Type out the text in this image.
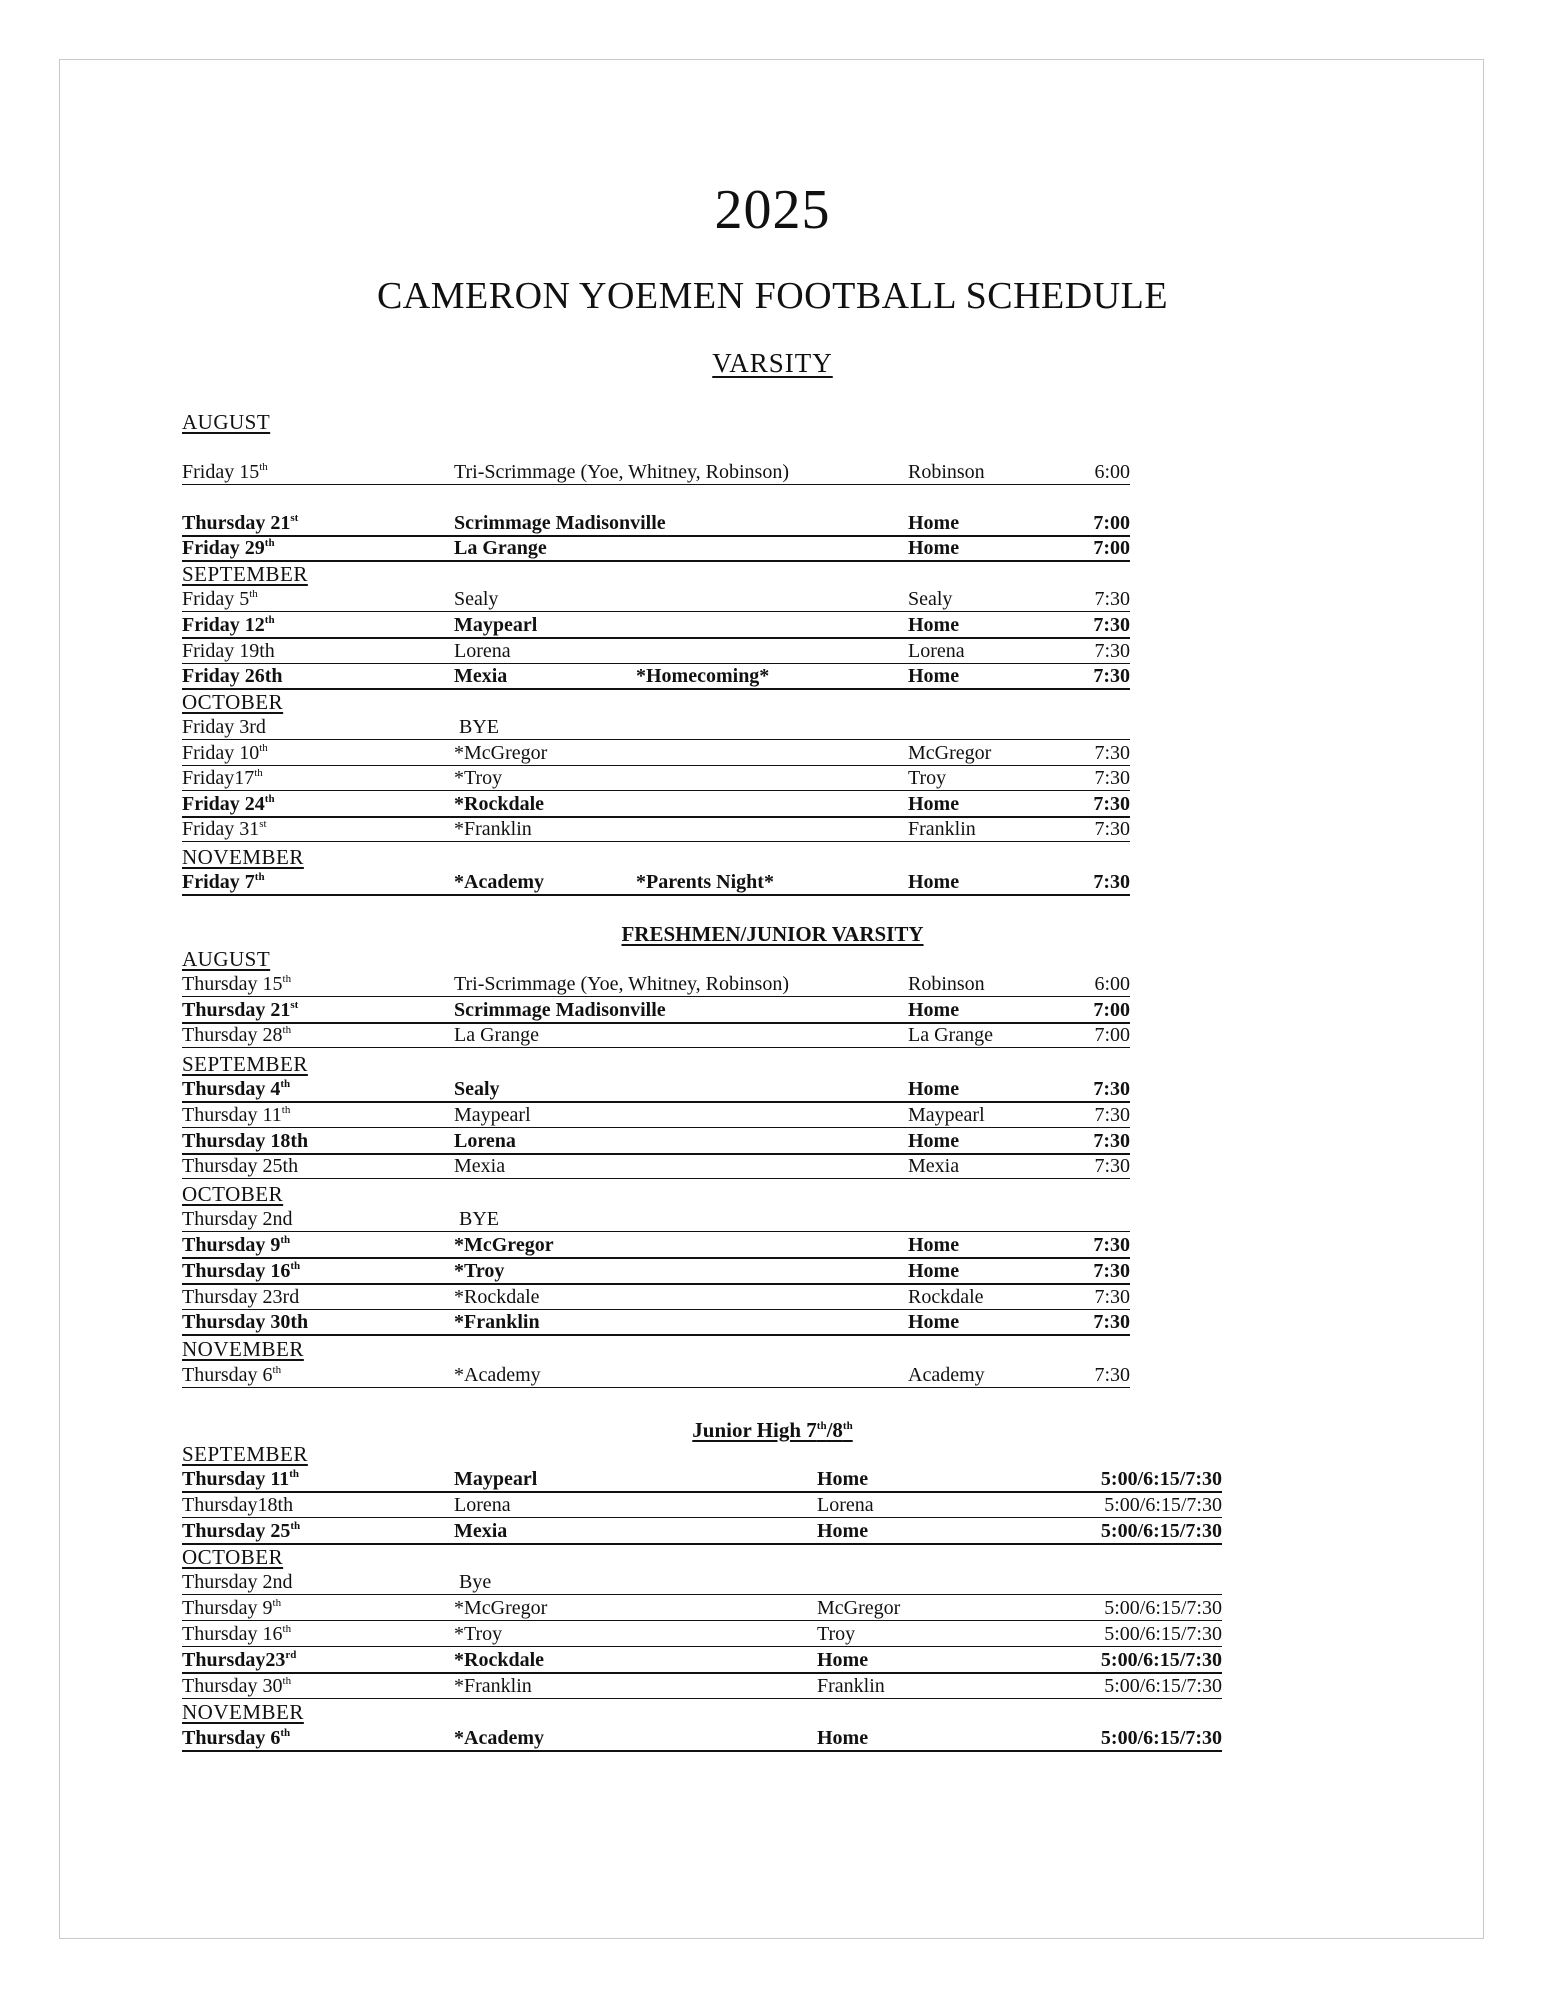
2025
CAMERON YOEMEN FOOTBALL SCHEDULE
VARSITY
FRESHMEN/JUNIOR VARSITY
Junior High 7th/8th
AUGUST
Friday 15th	Tri-Scrimmage (Yoe, Whitney, Robinson)	Robinson	6:00
Thursday 21st	Scrimmage Madisonville	Home	7:00
Friday 29th	La Grange	Home	7:00
SEPTEMBER
Friday 5th	Sealy	Sealy	7:30
Friday 12th	Maypearl	Home	7:30
Friday 19th	Lorena	Lorena	7:30
Friday 26th	Mexia	*Homecoming*	Home	7:30
OCTOBER
Friday 3rd	BYE
Friday 10th	*McGregor	McGregor	7:30
Friday17th	*Troy	Troy	7:30
Friday 24th	*Rockdale	Home	7:30
Friday 31st	*Franklin	Franklin	7:30
NOVEMBER
Friday 7th	*Academy	*Parents Night*	Home	7:30
AUGUST
Thursday 15th	Tri-Scrimmage (Yoe, Whitney, Robinson)	Robinson	6:00
Thursday 21st	Scrimmage Madisonville	Home	7:00
Thursday 28th	La Grange	La Grange	7:00
SEPTEMBER
Thursday 4th	Sealy	Home	7:30
Thursday 11th	Maypearl	Maypearl	7:30
Thursday 18th	Lorena	Home	7:30
Thursday 25th	Mexia	Mexia	7:30
OCTOBER
Thursday 2nd	BYE
Thursday 9th	*McGregor	Home	7:30
Thursday 16th	*Troy	Home	7:30
Thursday 23rd	*Rockdale	Rockdale	7:30
Thursday 30th	*Franklin	Home	7:30
NOVEMBER
Thursday 6th	*Academy	Academy	7:30
SEPTEMBER
Thursday 11th	Maypearl	Home	5:00/6:15/7:30
Thursday18th	Lorena	Lorena	5:00/6:15/7:30
Thursday 25th	Mexia	Home	5:00/6:15/7:30
OCTOBER
Thursday 2nd	Bye
Thursday 9th	*McGregor	McGregor	5:00/6:15/7:30
Thursday 16th	*Troy	Troy	5:00/6:15/7:30
Thursday23rd	*Rockdale	Home	5:00/6:15/7:30
Thursday 30th	*Franklin	Franklin	5:00/6:15/7:30
NOVEMBER
Thursday 6th	*Academy	Home	5:00/6:15/7:30
